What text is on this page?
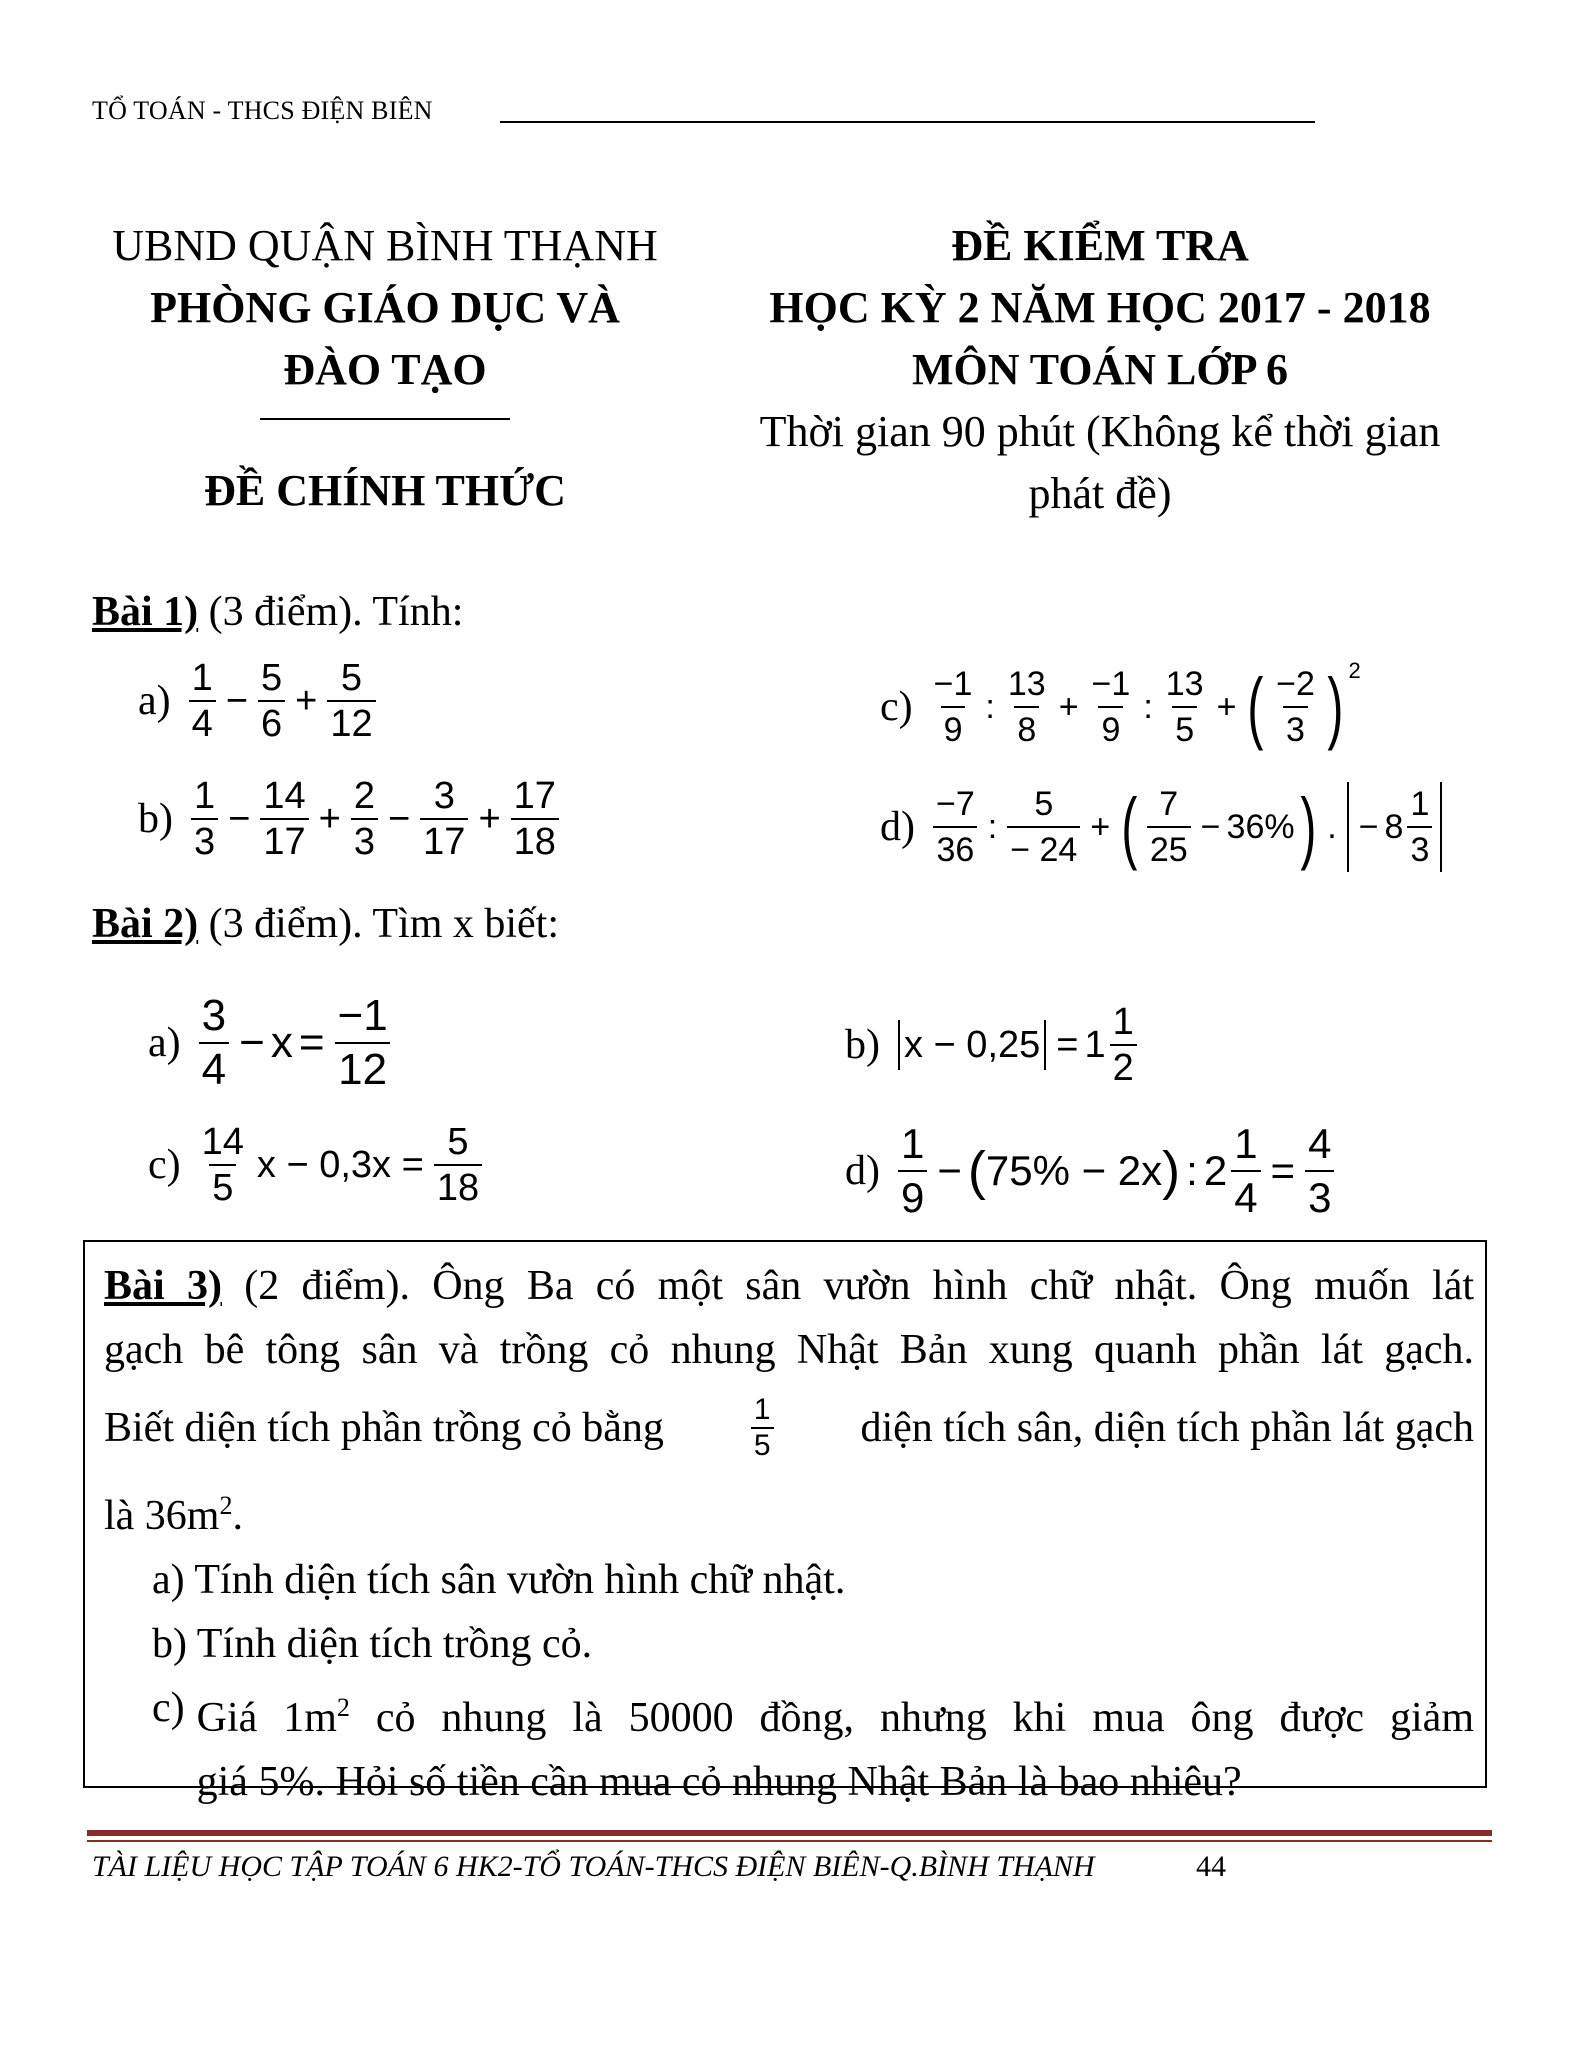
TỔ TOÁN - THCS ĐIỆN BIÊN
UBND QUẬN BÌNH THẠNH
PHÒNG GIÁO DỤC VÀ
ĐÀO TẠO
ĐỀ CHÍNH THỨC
ĐỀ KIỂM TRA
HỌC KỲ 2 NĂM HỌC 2017 - 2018
MÔN TOÁN LỚP 6
Thời gian 90 phút (Không kể thời gian
phát đề)
Bài 1) (3 điểm). Tính:
$a) \frac{1}{4} - \frac{5}{6} + \frac{5}{12}$
$b) \frac{1}{3} - \frac{14}{17} + \frac{2}{3} - \frac{3}{17} + \frac{17}{18}$
$c) \frac{-1}{9}$ : $\frac{13}{8} + \frac{-1}{9}$ : $\frac{13}{5}$ + ( $\frac{-2}{3}$ ) 2
$d) \frac{-7}{36}$ : $\frac{5}{- 24}$ + ( $\frac{7}{25} - 36\%$ ) . − $8 \frac{1}{3}$
Bài 2) (3 điểm). Tìm x biết:
$a) \frac{3}{4} - x = \frac{-1}{12}$	b) $x - 0,25 = 1 \frac{1}{2}$
$c) \frac{14}{5}$ $x - 0,3x = \frac{5}{18}$	$d) \frac{1}{9}$ − ( 75% − 2x ) : $2 \frac{1}{4} = \frac{4}{3}$
Bài 3) (2 điểm). Ông Ba có một sân vườn hình chữ nhật. Ông muốn lát
gạch bê tông sân và trồng cỏ nhung Nhật Bản xung quanh phần lát gạch.
Biết diện tích phần trồng cỏ bằng	$\frac{1}{5}$ diện tích sân, diện tích phần lát gạch
là $36m^2$.
a) Tính diện tích sân vườn hình chữ nhật.
b) Tính diện tích trồng cỏ.
c) Giá $1m^2$ cỏ nhung là 50000 đồng, nhưng khi mua ông được giảm
giá 5%. Hỏi số tiền cần mua cỏ nhung Nhật Bản là bao nhiêu?
TÀI LIỆU HỌC TẬP TOÁN 6 HK2-TỔ TOÁN-THCS ĐIỆN BIÊN-Q.BÌNH THẠNH	44
